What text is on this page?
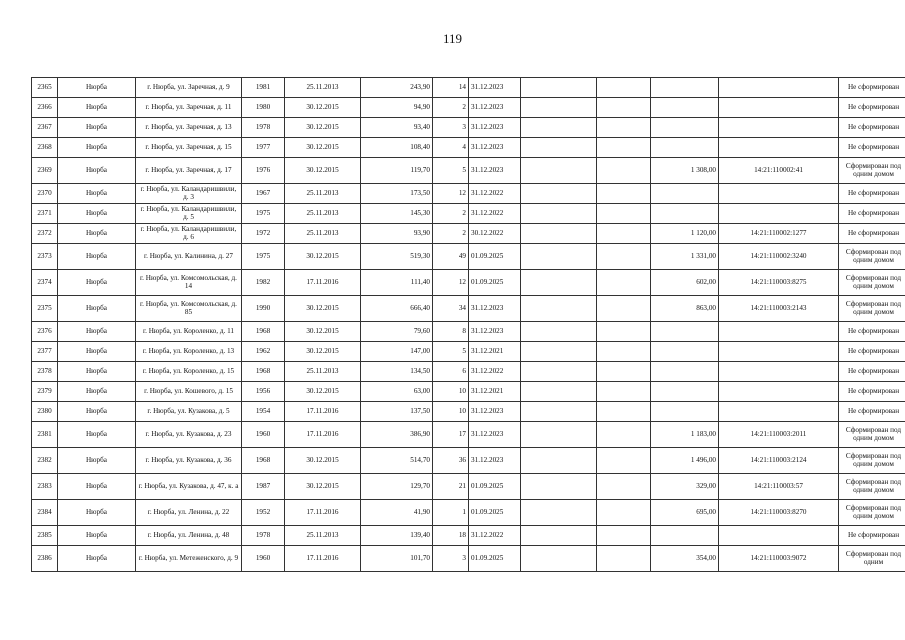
119
2365	Нюрба	г. Нюрба, ул. Заречная, д. 9	1981	25.11.2013	243,90	14	31.12.2023					Не сформирован
2366	Нюрба	г. Нюрба, ул. Заречная, д. 11	1980	30.12.2015	94,90	2	31.12.2023					Не сформирован
2367	Нюрба	г. Нюрба, ул. Заречная, д. 13	1978	30.12.2015	93,40	3	31.12.2023					Не сформирован
2368	Нюрба	г. Нюрба, ул. Заречная, д. 15	1977	30.12.2015	108,40	4	31.12.2023					Не сформирован
2369	Нюрба	г. Нюрба, ул. Заречная, д. 17	1976	30.12.2015	119,70	5	31.12.2023			1 308,00	14:21:110002:41	Сформирован под одним домом
2370	Нюрба	г. Нюрба, ул. Каландаришвили, д. 3	1967	25.11.2013	173,50	12	31.12.2022					Не сформирован
2371	Нюрба	г. Нюрба, ул. Каландаришвили, д. 5	1975	25.11.2013	145,30	2	31.12.2022					Не сформирован
2372	Нюрба	г. Нюрба, ул. Каландаришвили, д. 6	1972	25.11.2013	93,90	2	30.12.2022			1 120,00	14:21:110002:1277	Не сформирован
2373	Нюрба	г. Нюрба, ул. Калинина, д. 27	1975	30.12.2015	519,30	49	01.09.2025			1 331,00	14:21:110002:3240	Сформирован под одним домом
2374	Нюрба	г. Нюрба, ул. Комсомольская, д. 14	1982	17.11.2016	111,40	12	01.09.2025			602,00	14:21:110003:8275	Сформирован под одним домом
2375	Нюрба	г. Нюрба, ул. Комсомольская, д. 85	1990	30.12.2015	666,40	34	31.12.2023			863,00	14:21:110003:2143	Сформирован под одним домом
2376	Нюрба	г. Нюрба, ул. Короленко, д. 11	1968	30.12.2015	79,60	8	31.12.2023					Не сформирован
2377	Нюрба	г. Нюрба, ул. Короленко, д. 13	1962	30.12.2015	147,00	5	31.12.2021					Не сформирован
2378	Нюрба	г. Нюрба, ул. Короленко, д. 15	1968	25.11.2013	134,50	6	31.12.2022					Не сформирован
2379	Нюрба	г. Нюрба, ул. Кошевого, д. 15	1956	30.12.2015	63,00	10	31.12.2021					Не сформирован
2380	Нюрба	г. Нюрба, ул. Кузакова, д. 5	1954	17.11.2016	137,50	10	31.12.2023					Не сформирован
2381	Нюрба	г. Нюрба, ул. Кузакова, д. 23	1960	17.11.2016	386,90	17	31.12.2023			1 183,00	14:21:110003:2011	Сформирован под одним домом
2382	Нюрба	г. Нюрба, ул. Кузакова, д. 36	1968	30.12.2015	514,70	36	31.12.2023			1 496,00	14:21:110003:2124	Сформирован под одним домом
2383	Нюрба	г. Нюрба, ул. Кузакова, д. 47, к. а	1987	30.12.2015	129,70	21	01.09.2025			329,00	14:21:110003:57	Сформирован под одним домом
2384	Нюрба	г. Нюрба, ул. Ленина, д. 22	1952	17.11.2016	41,90	1	01.09.2025			695,00	14:21:110003:8270	Сформирован под одним домом
2385	Нюрба	г. Нюрба, ул. Ленина, д. 48	1978	25.11.2013	139,40	18	31.12.2022					Не сформирован
2386	Нюрба	г. Нюрба, ул. Метеженского, д. 9	1960	17.11.2016	101,70	3	01.09.2025			354,00	14:21:110003:9072	Сформирован под одним
